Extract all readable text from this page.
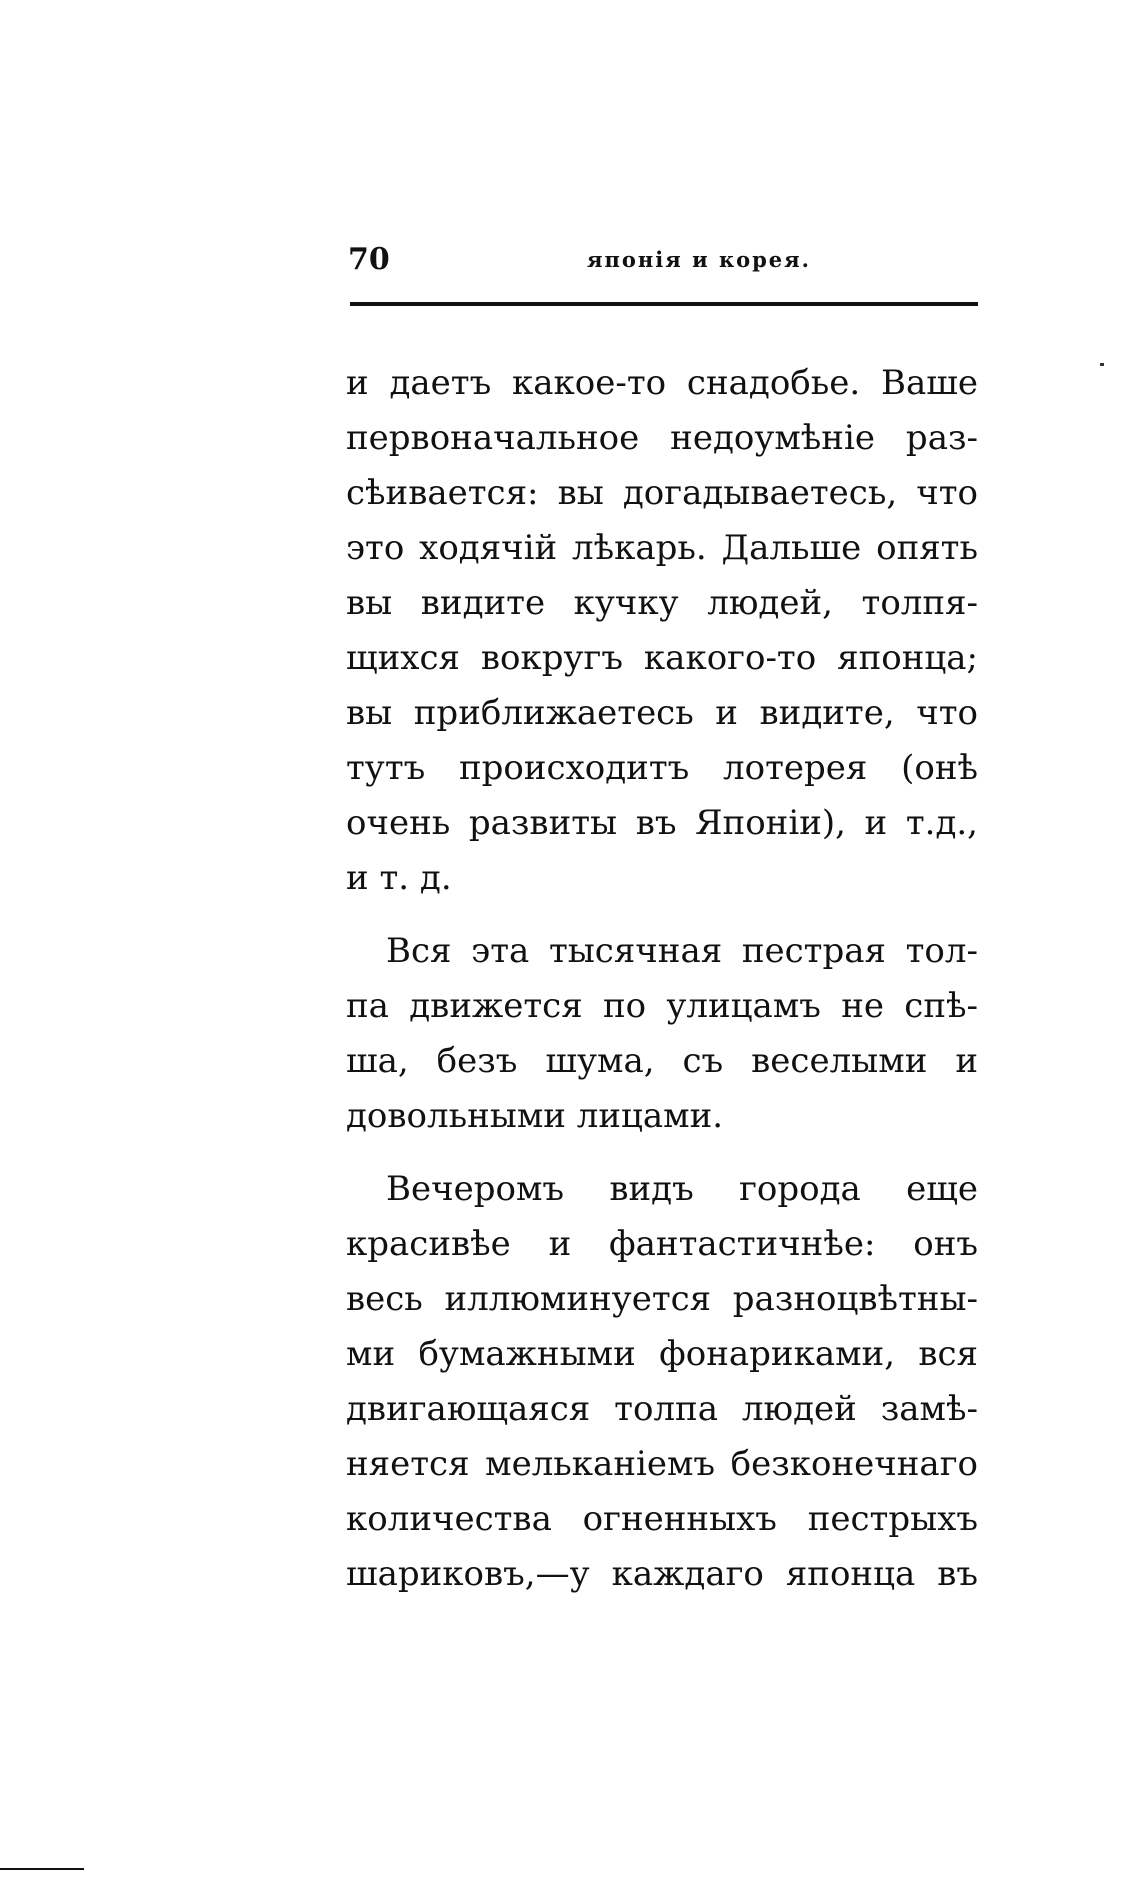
70	японія и корея.
и даетъ какое-то снадобье. Ваше
первоначальное недоумѣніе раз-
сѣивается: вы догадываетесь, что
это ходячій лѣкарь. Дальше опять
вы видите кучку людей, толпя-
щихся вокругъ какого-то японца;
вы приближаетесь и видите, что
тутъ происходитъ лотерея (онѣ
очень развиты въ Японіи), и т.д.,
и т. д.
Вся эта тысячная пестрая тол-
па движется по улицамъ не спѣ-
ша, безъ шума, съ веселыми и
довольными лицами.
Вечеромъ видъ города еще
красивѣе и фантастичнѣе: онъ
весь иллюминуется разноцвѣтны-
ми бумажными фонариками, вся
двигающаяся толпа людей замѣ-
няется мельканіемъ безконечнаго
количества огненныхъ пестрыхъ
шариковъ,—у каждаго японца въ
